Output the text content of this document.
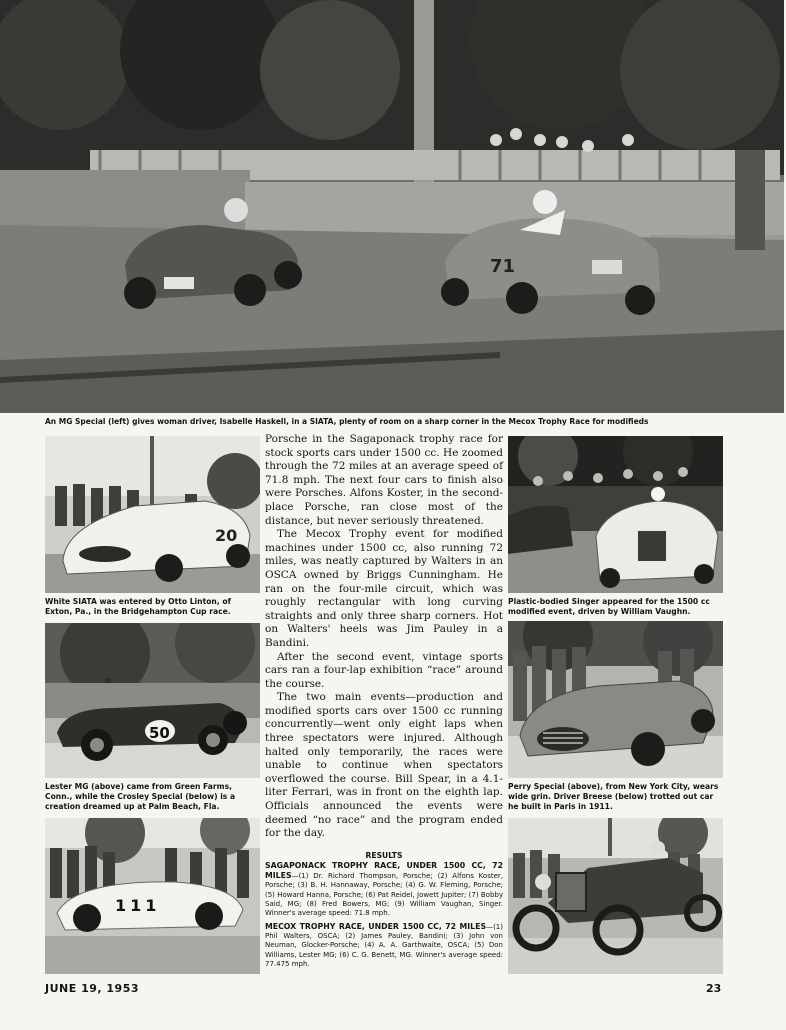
71
An MG Special (left) gives woman driver, Isabelle Haskell, in a SIATA, plenty of room on a sharp corner in the Mecox Trophy Race for modifieds
20
White SIATA was entered by Otto Linton, of Exton, Pa., in the Bridgehampton Cup race.
50
Lester MG (above) came from Green Farms, Conn., while the Crosley Special (below) is a creation dreamed up at Palm Beach, Fla.
111

Porsche in the Sagaponack trophy race for stock sports cars under 1500 cc. He zoomed through the 72 miles at an average speed of 71.8 mph. The next four cars to finish also were Porsches. Alfons Koster, in the second-place Porsche, ran close most of the distance, but never seriously threatened.

The Mecox Trophy event for modified machines under 1500 cc, also running 72 miles, was neatly captured by Walters in an OSCA owned by Briggs Cunningham. He ran on the four-mile circuit, which was roughly rectangular with long curving straights and only three sharp corners. Hot on Walters' heels was Jim Pauley in a Bandini.

After the second event, vintage sports cars ran a four-lap exhibition “race” around the course.

The two main events—production and modified sports cars over 1500 cc running concurrently—went only eight laps when three spectators were injured. Although halted only temporarily, the races were unable to continue when spectators overflowed the course. Bill Spear, in a 4.1-liter Ferrari, was in front on the eighth lap. Officials announced the events were deemed “no race” and the program ended for the day.

RESULTS
SAGAPONACK TROPHY RACE, UNDER 1500 CC, 72 MILES—(1) Dr. Richard Thompson, Porsche; (2) Alfons Koster, Porsche; (3) B. H. Hannaway, Porsche; (4) G. W. Fleming, Porsche; (5) Howard Hanna, Porsche; (6) Pat Reidel, Jowett Jupiter; (7) Bobby Said, MG; (8) Fred Bowers, MG; (9) William Vaughan, Singer. Winner's average speed: 71.8 mph.
MECOX TROPHY RACE, UNDER 1500 CC, 72 MILES—(1) Phil Walters, OSCA; (2) James Pauley, Bandini; (3) John von Neuman, Glocker-Porsche; (4) A. A. Garthwaite, OSCA; (5) Don Williams, Lester MG; (6) C. G. Benett, MG. Winner's average speed: 77.475 mph.
Plastic-bodied Singer appeared for the 1500 cc modified event, driven by William Vaughn.
Perry Special (above), from New York City, wears wide grin. Driver Breese (below) trotted out car he built in Paris in 1911.
JUNE 19, 1953	23
